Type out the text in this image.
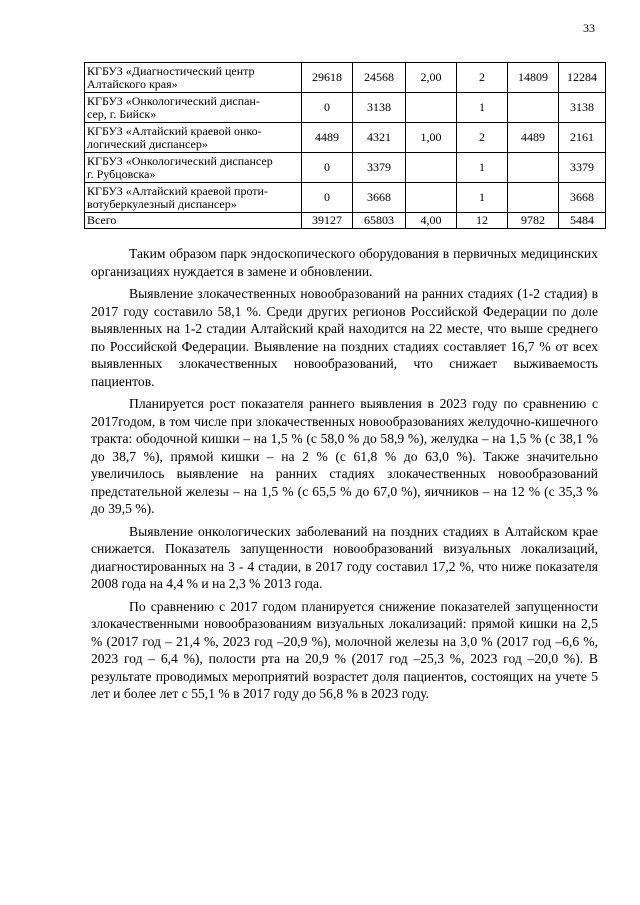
33
КГБУЗ «Диагностический центр
Алтайского края»	29618	24568	2,00	2	14809	12284
КГБУЗ «Онкологический диспан-
сер, г. Бийск»	0	3138		1		3138
КГБУЗ «Алтайский краевой онко-
логический диспансер»	4489	4321	1,00	2	4489	2161
КГБУЗ «Онкологический диспансер
г. Рубцовска»	0	3379		1		3379
КГБУЗ «Алтайский краевой проти-
вотуберкулезный диспансер»	0	3668		1		3668
Всего	39127	65803	4,00	12	9782	5484

Таким образом парк эндоскопического оборудования в первичных медицинских организациях нуждается в замене и обновлении.

Выявление злокачественных новообразований на ранних стадиях (1-2 стадия) в 2017 году составило 58,1 %. Среди других регионов Российской Федерации по доле выявленных на 1-2 стадии Алтайский край находится на 22 месте, что выше среднего по Российской Федерации. Выявление на поздних стадиях составляет 16,7 % от всех выявленных злокачественных новообразований, что снижает выживаемость пациентов.

Планируется рост показателя раннего выявления в 2023 году по сравнению с 2017годом, в том числе при злокачественных новообразованиях желудочно-кишечного тракта: ободочной кишки – на 1,5 % (с 58,0 % до 58,9 %), желудка – на 1,5 % (с 38,1 % до 38,7 %), прямой кишки – на 2 % (с 61,8 % до 63,0 %). Также значительно увеличилось выявление на ранних стадиях злокачественных новообразований предстательной железы – на 1,5 % (с 65,5 % до 67,0 %), яичников – на 12 % (с 35,3 % до 39,5 %).

Выявление онкологических заболеваний на поздних стадиях в Алтайском крае снижается. Показатель запущенности новообразований визуальных локализаций, диагностированных на 3 - 4 стадии, в 2017 году составил 17,2 %, что ниже показателя 2008 года на 4,4 % и на 2,3 % 2013 года.

По сравнению с 2017 годом планируется снижение показателей запущенности злокачественными новообразованиям визуальных локализаций: прямой кишки на 2,5 % (2017 год – 21,4 %, 2023 год –20,9 %), молочной железы на 3,0 % (2017 год –6,6 %, 2023 год – 6,4 %), полости рта на 20,9 % (2017 год –25,3 %, 2023 год –20,0 %). В результате проводимых мероприятий возрастет доля пациентов, состоящих на учете 5 лет и более лет с 55,1 % в 2017 году до 56,8 % в 2023 году.
